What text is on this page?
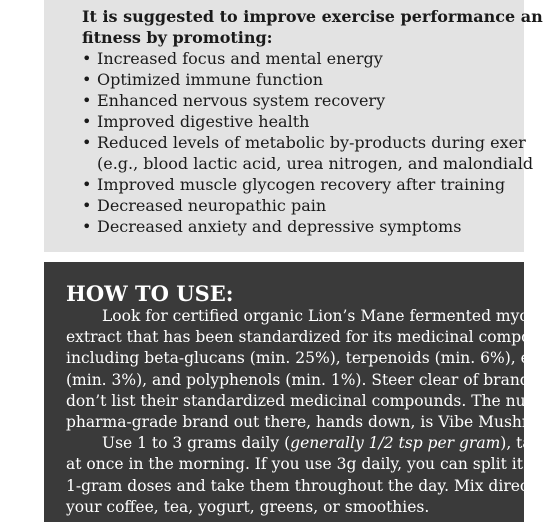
It is suggested to improve exercise performance an
fitness by promoting:
• Increased focus and mental energy
• Optimized immune function
• Enhanced nervous system recovery
• Improved digestive health
• Reduced levels of metabolic by-products during exer
(e.g., blood lactic acid, urea nitrogen, and malondiald
• Improved muscle glycogen recovery after training
• Decreased neuropathic pain
• Decreased anxiety and depressive symptoms
HOW TO USE:
Look for certified organic Lion’s Mane fermented myce
extract that has been standardized for its medicinal compo
including beta-glucans (min. 25%), terpenoids (min. 6%), e
(min. 3%), and polyphenols (min. 1%). Steer clear of brand
don’t list their standardized medicinal compounds. The nu
pharma-grade brand out there, hands down, is Vibe Mushr
Use 1 to 3 grams daily (generally 1/2 tsp per gram), ta
at once in the morning. If you use 3g daily, you can split it i
1-gram doses and take them throughout the day. Mix direc
your coffee, tea, yogurt, greens, or smoothies.
